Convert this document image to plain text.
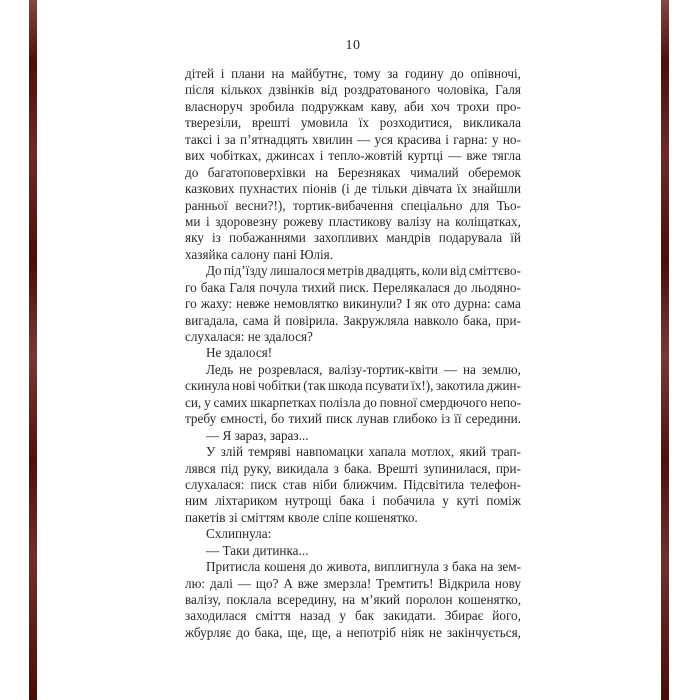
10
дітей і плани на майбутнє, тому за годину до опівночі,
після кількох дзвінків від роздратованого чоловіка, Галя
власноруч зробила подружкам каву, аби хоч трохи про-
тверезіли, врешті умовила їх розходитися, викликала
таксі і за п’ятнадцять хвилин — уся красива і гарна: у но-
вих чобітках, джинсах і тепло-жовтій куртці — вже тягла
до багатоповерхівки на Березняках чималий оберемок
казкових пухнастих піонів (і де тільки дівчата їх знайшли
ранньої весни?!), тортик-вибачення спеціально для Тьо-
ми і здоровезну рожеву пластикову валізу на коліщатках,
яку із побажаннями захопливих мандрів подарувала їй
хазяйка салону пані Юлія.
До під’їзду лишалося метрів двадцять, коли від сміттєво-
го бака Галя почула тихий писк. Перелякалася до льодяно-
го жаху: невже немовлятко викинули? І як ото дурна: сама
вигадала, сама й повірила. Закружляла навколо бака, при-
слухалася: не здалося?
Не здалося!
Ледь не розревлася, валізу-тортик-квіти — на землю,
скинула нові чобітки (так шкода псувати їх!), закотила джин-
си, у самих шкарпетках полізла до повної смердючого непо-
требу ємності, бо тихий писк лунав глибоко із її середини.
— Я зараз, зараз...
У злій темряві навпомацки хапала мотлох, який трап-
лявся під руку, викидала з бака. Врешті зупинилася, при-
слухалася: писк став ніби ближчим. Підсвітила телефон-
ним ліхтариком нутрощі бака і побачила у куті поміж
пакетів зі сміттям кволе сліпе кошенятко.
Схлипнула:
— Таки дитинка...
Притисла кошеня до живота, виплигнула з бака на зем-
лю: далі — що? А вже змерзла! Тремтить! Відкрила нову
валізу, поклала всередину, на м’який поролон кошенятко,
заходилася сміття назад у бак закидати. Збирає його,
жбурляє до бака, ще, ще, а непотріб ніяк не закінчується,
